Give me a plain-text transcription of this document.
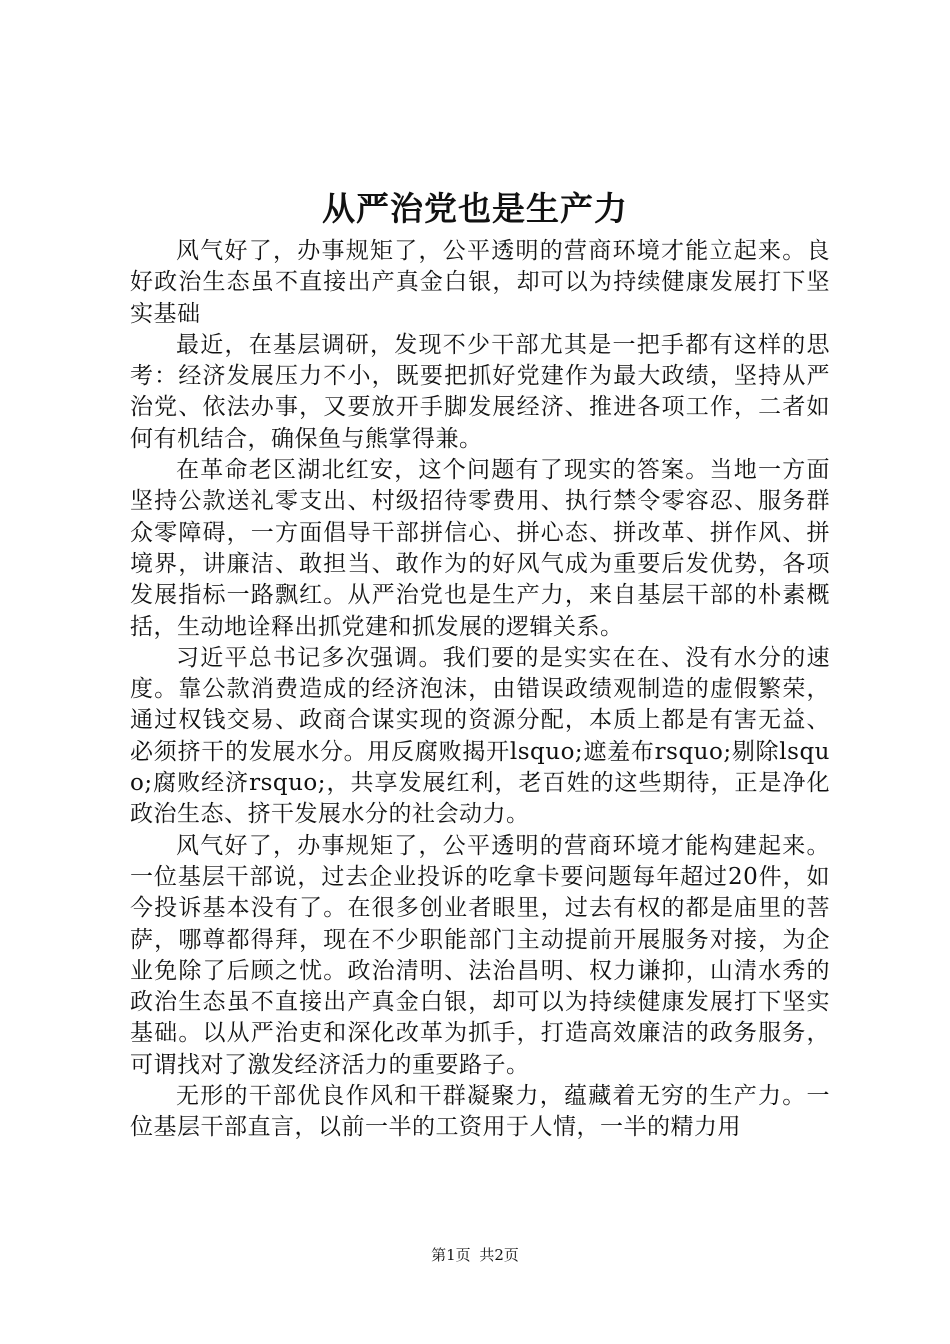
从严治党也是生产力

风气好了，办事规矩了，公平透明的营商环境才能立起来。良好政治生态虽不直接出产真金白银，却可以为持续健康发展打下坚实基础

最近，在基层调研，发现不少干部尤其是一把手都有这样的思考：经济发展压力不小，既要把抓好党建作为最大政绩，坚持从严治党、依法办事，又要放开手脚发展经济、推进各项工作，二者如何有机结合，确保鱼与熊掌得兼。

在革命老区湖北红安，这个问题有了现实的答案。当地一方面坚持公款送礼零支出、村级招待零费用、执行禁令零容忍、服务群众零障碍，一方面倡导干部拼信心、拼心态、拼改革、拼作风、拼境界，讲廉洁、敢担当、敢作为的好风气成为重要后发优势，各项发展指标一路飘红。从严治党也是生产力，来自基层干部的朴素概括，生动地诠释出抓党建和抓发展的逻辑关系。

习近平总书记多次强调。我们要的是实实在在、没有水分的速度。靠公款消费造成的经济泡沫，由错误政绩观制造的虚假繁荣，通过权钱交易、政商合谋实现的资源分配，本质上都是有害无益、必须挤干的发展水分。用反腐败揭开lsquo;遮羞布rsquo;剔除lsquo;腐败经济rsquo;，共享发展红利，老百姓的这些期待，正是净化政治生态、挤干发展水分的社会动力。

风气好了，办事规矩了，公平透明的营商环境才能构建起来。一位基层干部说，过去企业投诉的吃拿卡要问题每年超过20件，如今投诉基本没有了。在很多创业者眼里，过去有权的都是庙里的菩萨，哪尊都得拜，现在不少职能部门主动提前开展服务对接，为企业免除了后顾之忧。政治清明、法治昌明、权力谦抑，山清水秀的政治生态虽不直接出产真金白银，却可以为持续健康发展打下坚实基础。以从严治吏和深化改革为抓手，打造高效廉洁的政务服务，可谓找对了激发经济活力的重要路子。

无形的干部优良作风和干群凝聚力，蕴藏着无穷的生产力。一位基层干部直言，以前一半的工资用于人情，一半的精力用

第1页 共2页
